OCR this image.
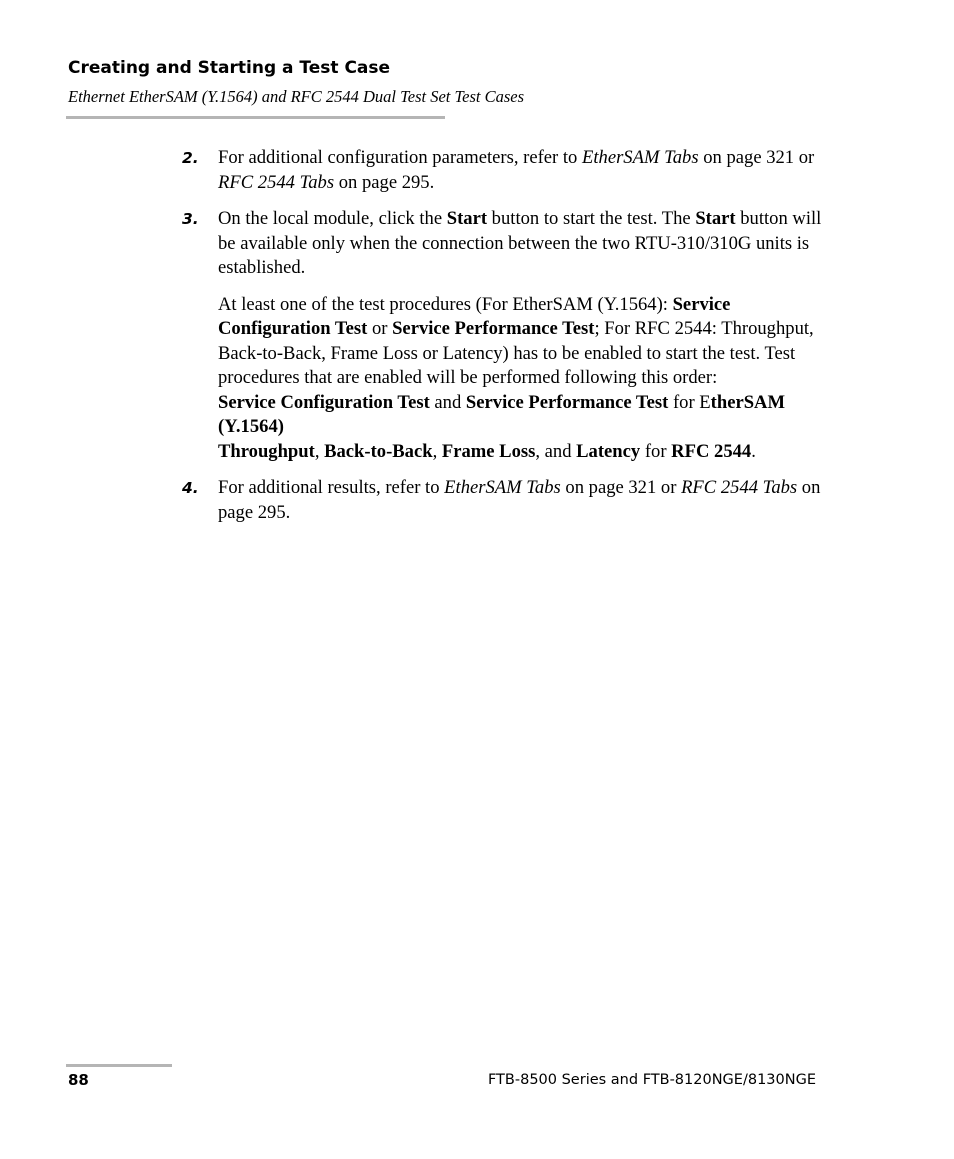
Creating and Starting a Test Case
Ethernet EtherSAM (Y.1564) and RFC 2544 Dual Test Set Test Cases
2. For additional configuration parameters, refer to EtherSAM Tabs on page 321 or RFC 2544 Tabs on page 295.

3. On the local module, click the Start button to start the test. The Start button will be available only when the connection between the two RTU-310/310G units is established.

At least one of the test procedures (For EtherSAM (Y.1564): Service Configuration Test or Service Performance Test; For RFC 2544: Throughput, Back-to-Back, Frame Loss or Latency) has to be enabled to start the test. Test procedures that are enabled will be performed following this order:
Service Configuration Test and Service Performance Test for EtherSAM (Y.1564)
Throughput, Back-to-Back, Frame Loss, and Latency for RFC 2544.

4. For additional results, refer to EtherSAM Tabs on page 321 or RFC 2544 Tabs on page 295.

88	FTB-8500 Series and FTB-8120NGE/8130NGE
